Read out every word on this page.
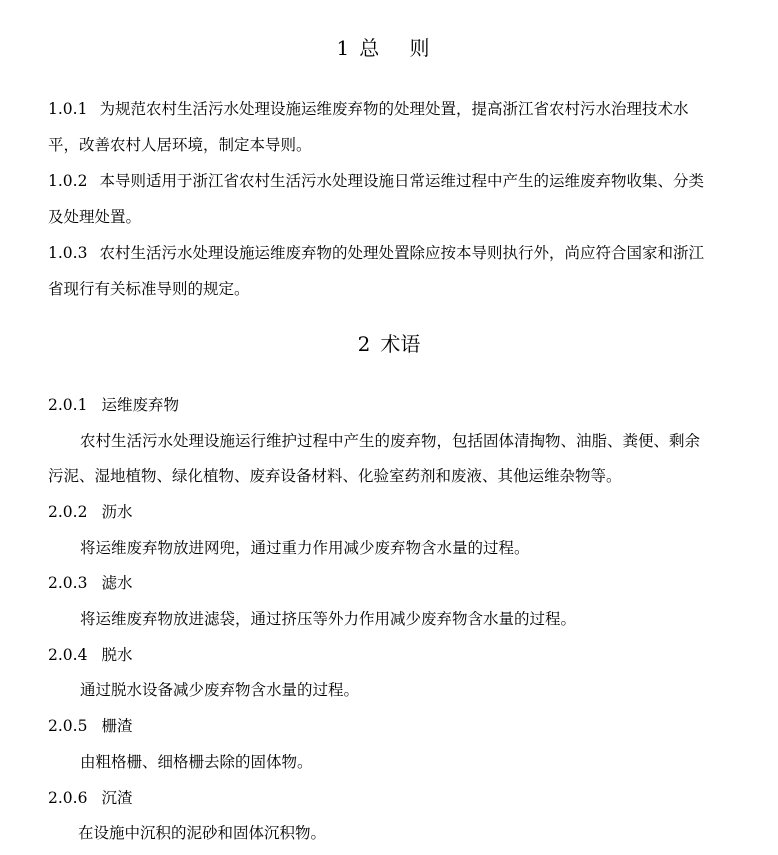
1 总 则
1.0.1 为规范农村生活污水处理设施运维废弃物的处理处置，提高浙江省农村污水治理技术水
平，改善农村人居环境，制定本导则。
1.0.2 本导则适用于浙江省农村生活污水处理设施日常运维过程中产生的运维废弃物收集、分类
及处理处置。
1.0.3 农村生活污水处理设施运维废弃物的处理处置除应按本导则执行外，尚应符合国家和浙江
省现行有关标准导则的规定。
2 术语
2.0.1 运维废弃物
农村生活污水处理设施运行维护过程中产生的废弃物，包括固体清掏物、油脂、粪便、剩余
污泥、湿地植物、绿化植物、废弃设备材料、化验室药剂和废液、其他运维杂物等。
2.0.2 沥水
将运维废弃物放进网兜，通过重力作用减少废弃物含水量的过程。
2.0.3 滤水
将运维废弃物放进滤袋，通过挤压等外力作用减少废弃物含水量的过程。
2.0.4 脱水
通过脱水设备减少废弃物含水量的过程。
2.0.5 栅渣
由粗格栅、细格栅去除的固体物。
2.0.6 沉渣
在设施中沉积的泥砂和固体沉积物。
